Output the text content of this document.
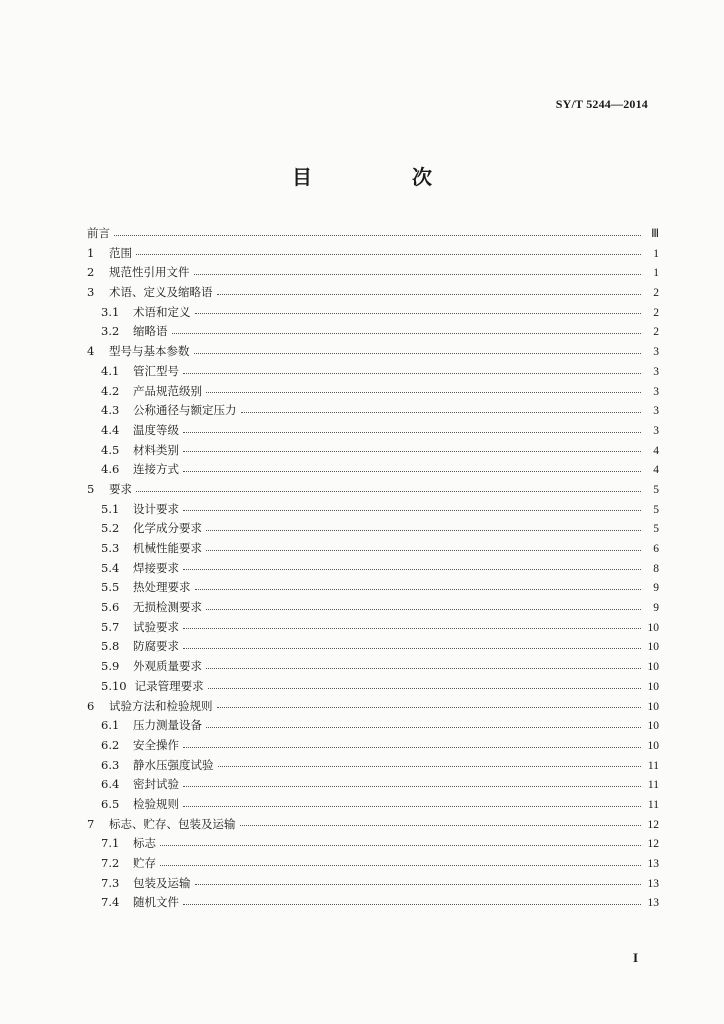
SY/T 5244—2014
目　次
前言	Ⅲ
1	范围	1
2	规范性引用文件	1
3	术语、定义及缩略语	2
3.1	术语和定义	2
3.2	缩略语	2
4	型号与基本参数	3
4.1	管汇型号	3
4.2	产品规范级别	3
4.3	公称通径与额定压力	3
4.4	温度等级	3
4.5	材料类别	4
4.6	连接方式	4
5	要求	5
5.1	设计要求	5
5.2	化学成分要求	5
5.3	机械性能要求	6
5.4	焊接要求	8
5.5	热处理要求	9
5.6	无损检测要求	9
5.7	试验要求	10
5.8	防腐要求	10
5.9	外观质量要求	10
5.10 记录管理要求	10
6	试验方法和检验规则	10
6.1	压力测量设备	10
6.2	安全操作	10
6.3	静水压强度试验	11
6.4	密封试验	11
6.5	检验规则	11
7	标志、贮存、包装及运输	12
7.1	标志	12
7.2	贮存	13
7.3	包装及运输	13
7.4	随机文件	13
I
